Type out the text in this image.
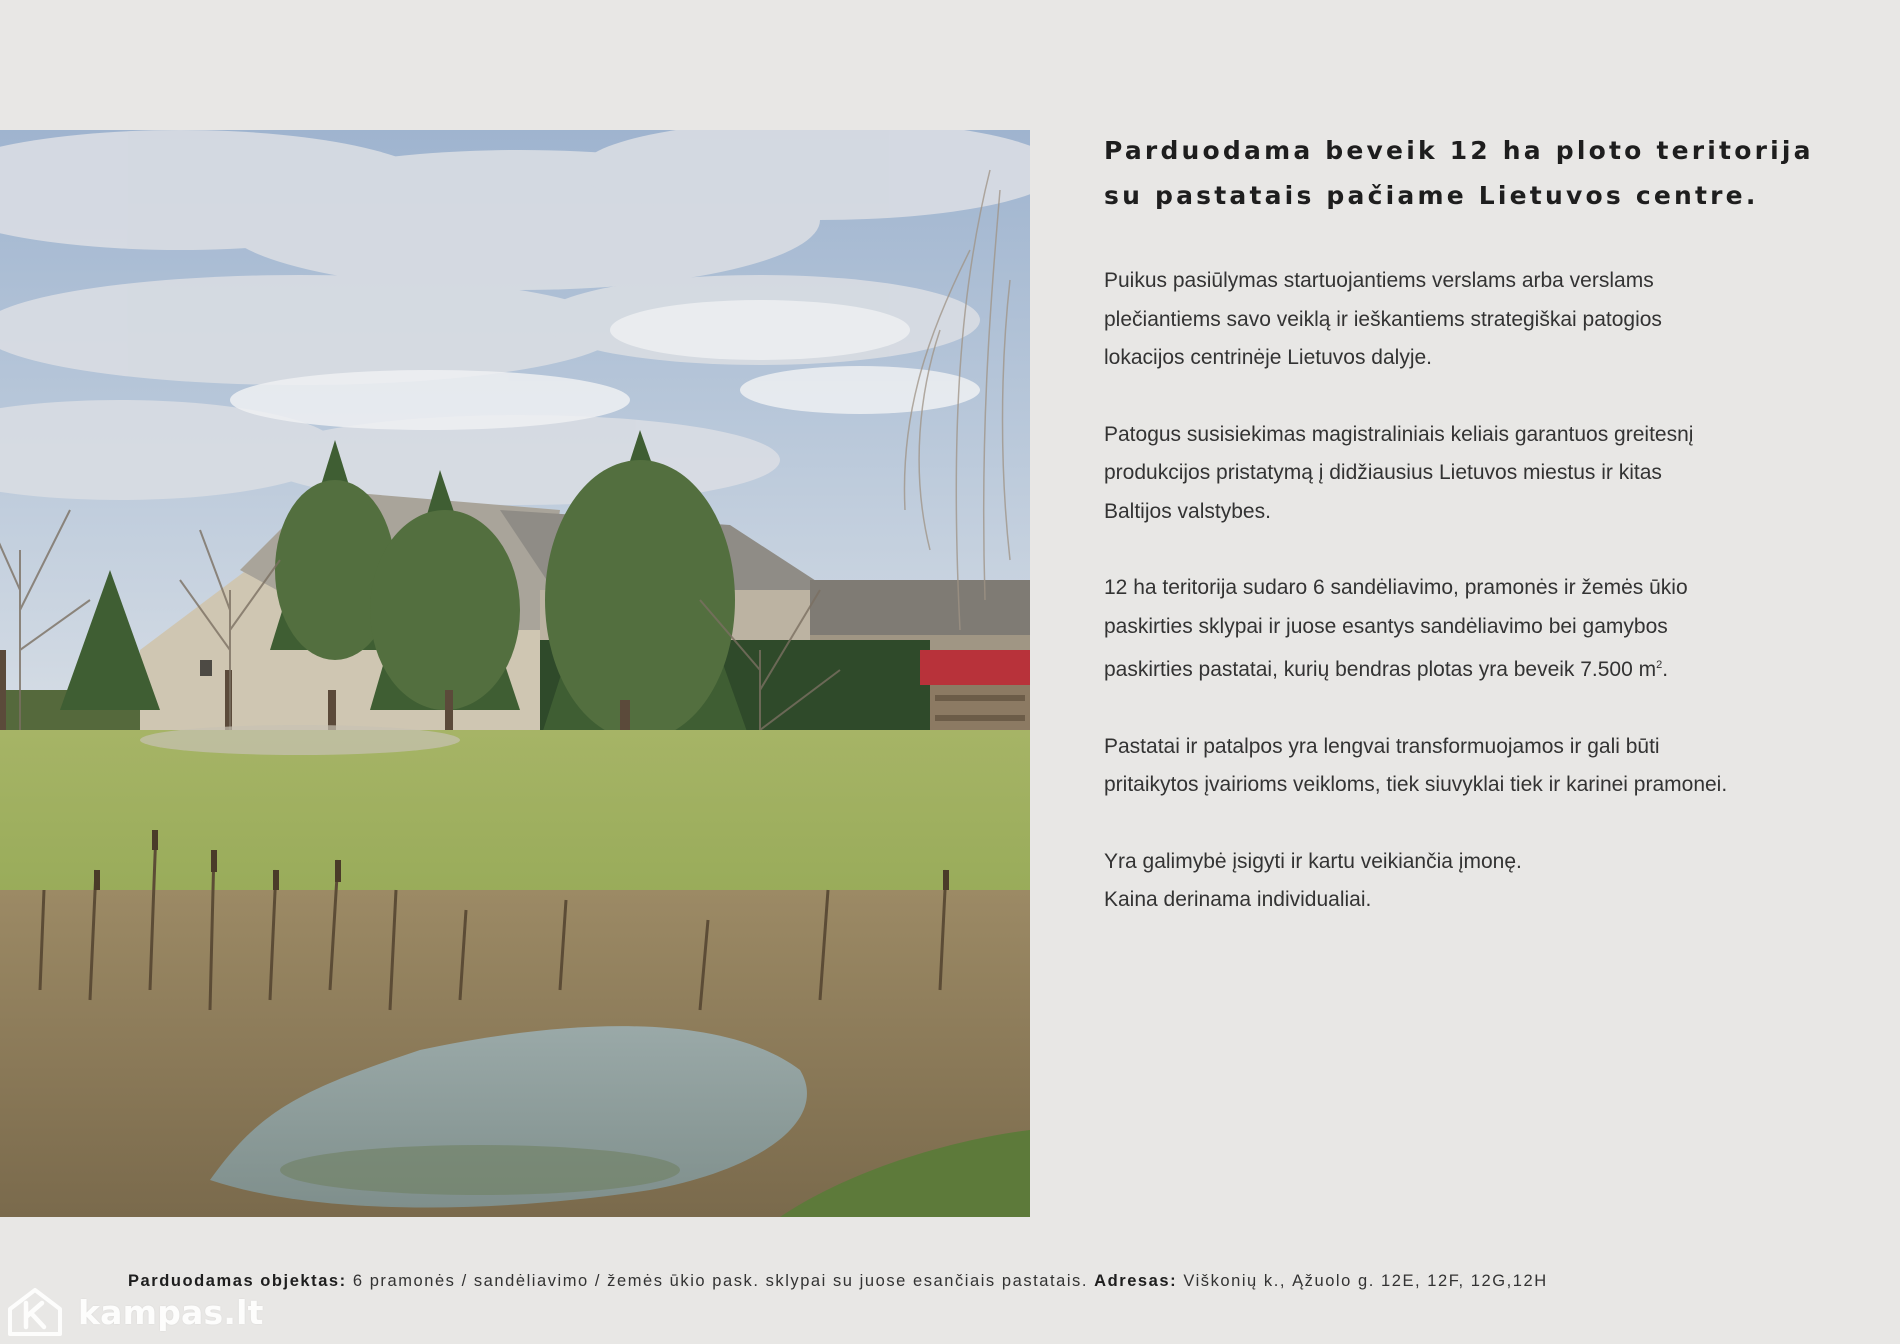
Parduodama beveik 12 ha ploto teritorija
su pastatais pačiame Lietuvos centre.
Puikus pasiūlymas startuojantiems verslams arba verslams
plečiantiems savo veiklą ir ieškantiems strategiškai patogios
lokacijos centrinėje Lietuvos dalyje.
Patogus susisiekimas magistraliniais keliais garantuos greitesnį
produkcijos pristatymą į didžiausius Lietuvos miestus ir kitas
Baltijos valstybes.
12 ha teritorija sudaro 6 sandėliavimo, pramonės ir žemės ūkio
paskirties sklypai ir juose esantys sandėliavimo bei gamybos
paskirties pastatai, kurių bendras plotas yra beveik 7.500 $m^2$.
Pastatai ir patalpos yra lengvai transformuojamos ir gali būti
pritaikytos įvairioms veikloms, tiek siuvyklai tiek ir karinei pramonei.
Yra galimybė įsigyti ir kartu veikiančia įmonę.
Kaina derinama individualiai.
Parduodamas objektas: 6 pramonės / sandėliavimo / žemės ūkio pask. sklypai su juose esančiais pastatais. Adresas: Viškonių k., Ąžuolo g. 12E, 12F, 12G,12H
kampas.lt
